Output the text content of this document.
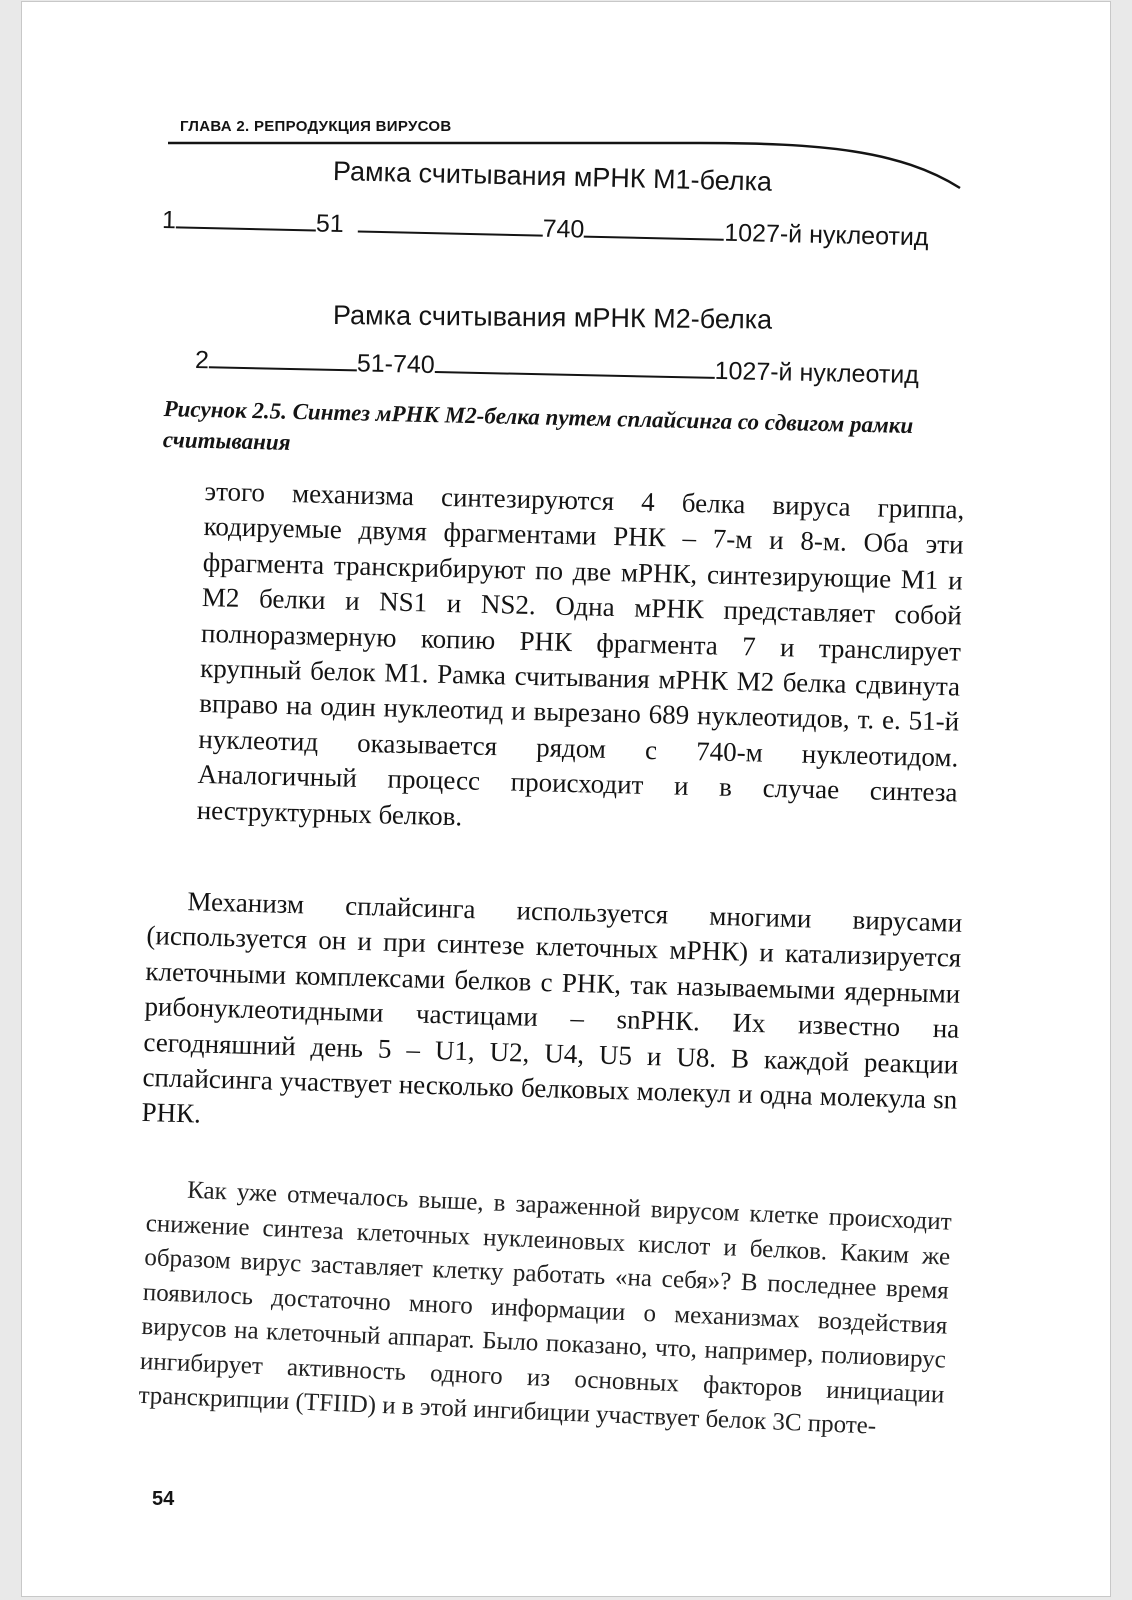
ГЛАВА 2. РЕПРОДУКЦИЯ ВИРУСОВ
Рамка считывания мРНК М1-белка
1	51	740	1027-й нуклеотид
Рамка считывания мРНК М2-белка
2	51-740	1027-й нуклеотид
Рисунок 2.5. Синтез мРНК М2-белка путем сплайсинга со сдвигом рамки считывания
этого механизма синтезируются 4 белка вируса гриппа, кодируемые двумя фрагментами РНК – 7-м и 8-м. Оба эти фрагмента транскрибируют по две мРНК, синтезирующие М1 и М2 белки и NS1 и NS2. Одна мРНК представляет собой полноразмерную копию РНК фрагмента 7 и транслирует крупный белок М1. Рамка считывания мРНК М2 белка сдвинута вправо на один нуклеотид и вырезано 689 нуклеотидов, т. е. 51-й нуклеотид оказывается рядом с 740-м нуклеотидом. Аналогичный процесс происходит и в случае синтеза неструктурных белков.
Механизм сплайсинга используется многими вирусами (используется он и при синтезе клеточных мРНК) и катализируется клеточными комплексами белков с РНК, так называемыми ядерными рибонуклеотидными частицами – snРНК. Их известно на сегодняшний день 5 – U1, U2, U4, U5 и U8. В каждой реакции сплайсинга участвует несколько белковых молекул и одна молекула sn РНК.
Как уже отмечалось выше, в зараженной вирусом клетке происходит снижение синтеза клеточных нуклеиновых кислот и белков. Каким же образом вирус заставляет клетку работать «на себя»? В последнее время появилось достаточно много информации о механизмах воздействия вирусов на клеточный аппарат. Было показано, что, например, полиовирус ингибирует активность одного из основных факторов инициации транскрипции (TFIID) и в этой ингибиции участвует белок 3С проте-
54
